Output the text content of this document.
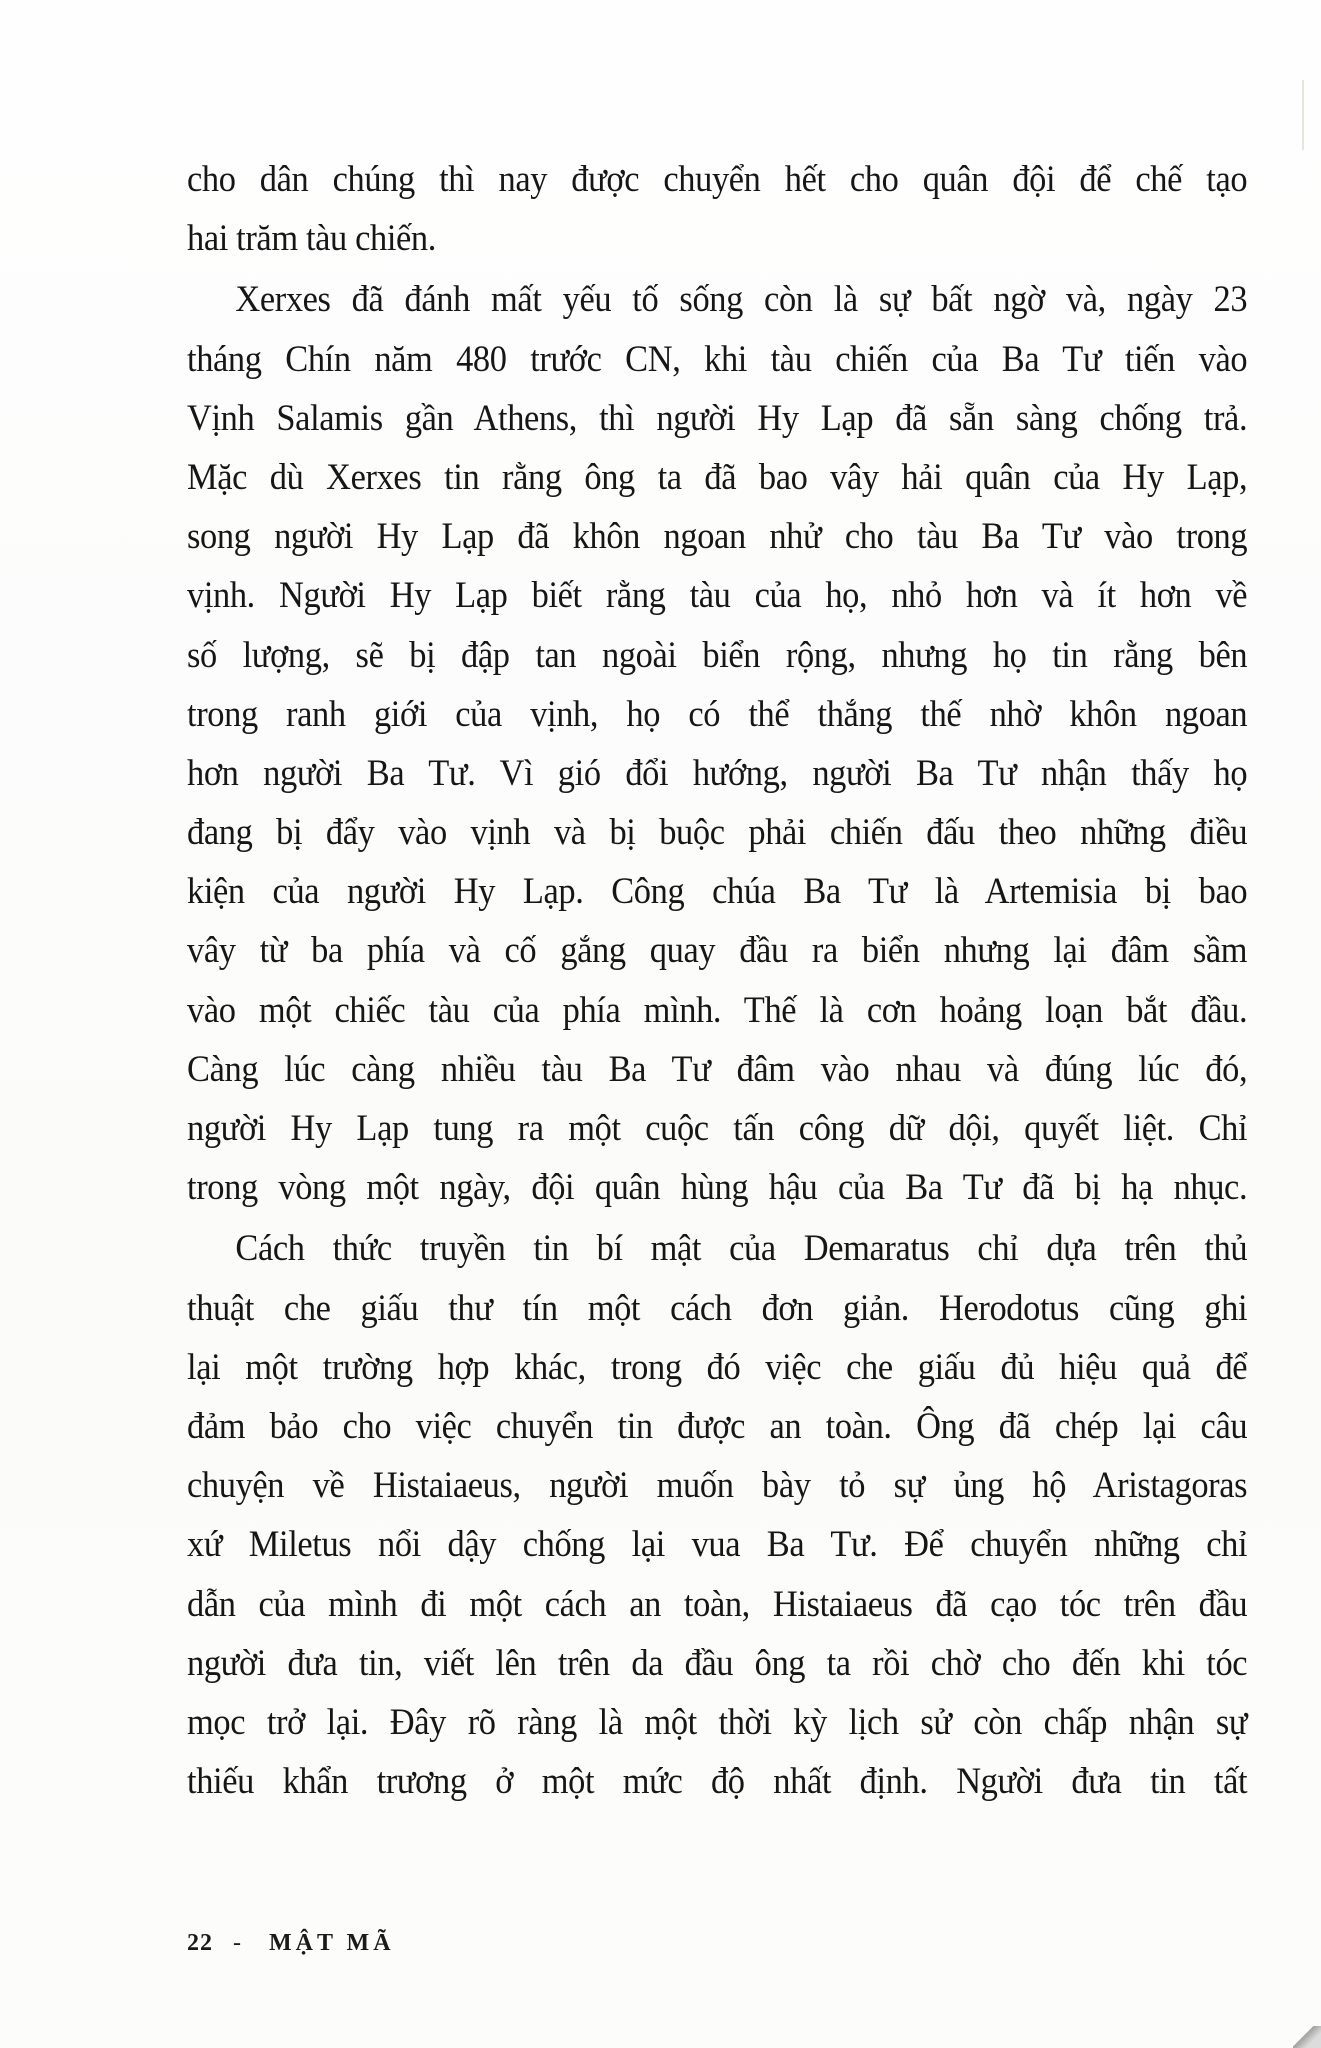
cho dân chúng thì nay được chuyển hết cho quân đội để chế tạo
hai trăm tàu chiến.
Xerxes đã đánh mất yếu tố sống còn là sự bất ngờ và, ngày 23
tháng Chín năm 480 trước CN, khi tàu chiến của Ba Tư tiến vào
Vịnh Salamis gần Athens, thì người Hy Lạp đã sẵn sàng chống trả.
Mặc dù Xerxes tin rằng ông ta đã bao vây hải quân của Hy Lạp,
song người Hy Lạp đã khôn ngoan nhử cho tàu Ba Tư vào trong
vịnh. Người Hy Lạp biết rằng tàu của họ, nhỏ hơn và ít hơn về
số lượng, sẽ bị đập tan ngoài biển rộng, nhưng họ tin rằng bên
trong ranh giới của vịnh, họ có thể thắng thế nhờ khôn ngoan
hơn người Ba Tư. Vì gió đổi hướng, người Ba Tư nhận thấy họ
đang bị đẩy vào vịnh và bị buộc phải chiến đấu theo những điều
kiện của người Hy Lạp. Công chúa Ba Tư là Artemisia bị bao
vây từ ba phía và cố gắng quay đầu ra biển nhưng lại đâm sầm
vào một chiếc tàu của phía mình. Thế là cơn hoảng loạn bắt đầu.
Càng lúc càng nhiều tàu Ba Tư đâm vào nhau và đúng lúc đó,
người Hy Lạp tung ra một cuộc tấn công dữ dội, quyết liệt. Chỉ
trong vòng một ngày, đội quân hùng hậu của Ba Tư đã bị hạ nhục.
Cách thức truyền tin bí mật của Demaratus chỉ dựa trên thủ
thuật che giấu thư tín một cách đơn giản. Herodotus cũng ghi
lại một trường hợp khác, trong đó việc che giấu đủ hiệu quả để
đảm bảo cho việc chuyển tin được an toàn. Ông đã chép lại câu
chuyện về Histaiaeus, người muốn bày tỏ sự ủng hộ Aristagoras
xứ Miletus nổi dậy chống lại vua Ba Tư. Để chuyển những chỉ
dẫn của mình đi một cách an toàn, Histaiaeus đã cạo tóc trên đầu
người đưa tin, viết lên trên da đầu ông ta rồi chờ cho đến khi tóc
mọc trở lại. Đây rõ ràng là một thời kỳ lịch sử còn chấp nhận sự
thiếu khẩn trương ở một mức độ nhất định. Người đưa tin tất
22 - MẬT MÃ
